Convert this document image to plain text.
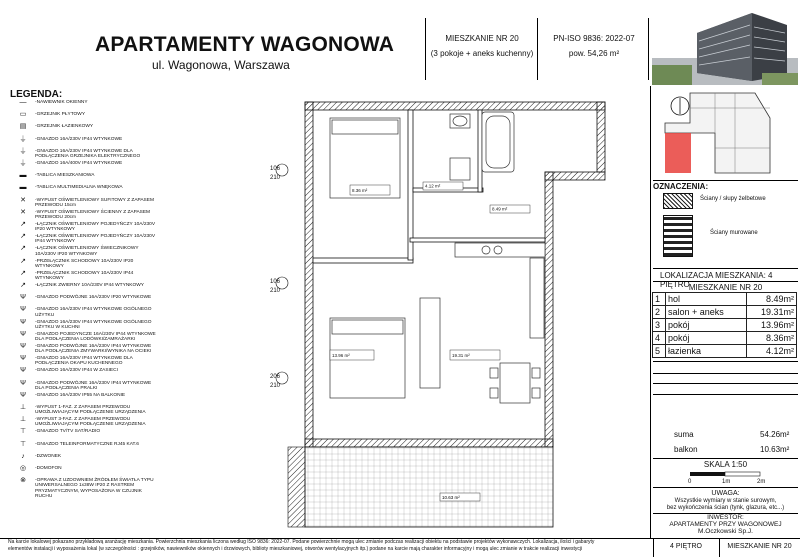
APARTAMENTY WAGONOWA
ul. Wagonowa, Warszawa
MIESZKANIE NR 20
(3 pokoje + aneks kuchenny)
PN-ISO 9836: 2022-07
pow. 54,26 m²
LEGENDA:
—	-NAWIEWNIK OKIENNY
▭	-GRZEJNIK PŁYTOWY
▤	-GRZEJNIK ŁAZIENKOWY
⏚	-GNIAZDO 16A/230V IP44 WTYNKOWE
⏚	-GNIAZDO 16A/230V IP44 WTYNKOWE DLA PODŁĄCZENIA GRZEJNIKA ELEKTRYCZNEGO
⏚	-GNIAZDO 16A/400V IP44 WTYNKOWE
▬	-TABLICA MIESZKANIOWA
▬	-TABLICA MULTIMEDIALNA WNĘKOWA
✕	-WYPUST OŚWIETLENIOWY SUFITOWY Z ZAPASEM PRZEWODU 15cm
✕	-WYPUST OŚWIETLENIOWY ŚCIENNY Z ZAPASEM PRZEWODU 20cm
↗	-ŁĄCZNIK OŚWIETLENIOWY POJEDYŃCZY 10A/230V IP20 WTYNKOWY
↗	-ŁĄCZNIK OŚWIETLENIOWY POJEDYŃCZY 10A/230V IP44 WTYNKOWY
↗	-ŁĄCZNIK OŚWIETLENIOWY ŚWIECZNIKOWY 10A/230V IP20 WTYNKOWY
↗	-PRZEŁĄCZNIK SCHODOWY 10A/230V IP20 WTYNKOWY
↗	-PRZEŁĄCZNIK SCHODOWY 10A/230V IP44 WTYNKOWY
↗	-ŁĄCZNIK ZWIERNY 10A/230V IP44 WTYNKOWY
Ψ	-GNIAZDO PODWÓJNE 16A/230V IP20 WTYNKOWE
Ψ	-GNIAZDO 16A/230V IP44 WTYNKOWE OGÓLNEGO UŻYTKU
Ψ	-GNIAZDO 16A/230V IP44 WTYNKOWE OGÓLNEGO UŻYTKU W KUCHNI
Ψ	-GNIAZDO POJEDYNCZE 16A/230V IP44 WTYNKOWE DLA PODŁĄCZENIA LODÓWKI/ZAMRAŻARKI
Ψ	-GNIAZDO PODWÓJNE 16A/230V IP44 WTYNKOWE DLA PODŁĄCZENIA ZMYWARKI/WYNIKA NA OCIEKI
Ψ	-GNIAZDO 16A/230V IP44 WTYNKOWE DLA PODŁĄCZENIA OKAPU KUCHENNEGO
Ψ	-GNIAZDO 16A/230V IP44 W ZASIECI
Ψ	-GNIAZDO PODWÓJNE 16A/230V IP44 WTYNKOWE DLA PODŁĄCZENIA PRALKI
Ψ	-GNIAZDO 16A/230V IP55 NA BALKONIE
⊥	-WYPUST 1-FAZ. Z ZAPASEM PRZEWODU UMOŻLIWIAJĄCYM PODŁĄCZENIE URZĄDZENIA
⊥	-WYPUST 3-FAZ. Z ZAPASEM PRZEWODU UMOŻLIWIAJĄCYM PODŁĄCZENIE URZĄDZENIA
⊤	-GNIAZDO TV/TV SAT/RADIO
⊤	-GNIAZDO TELEINFORMATYCZNE RJ45 KAT.6
♪	-DZWONEK
◎	-DOMOFON
⊗	-OPRAWA Z UZDOWNIEM ŻRÓDŁEM ŚWIATŁA TYPU UNIWERSALNEGO 1x38W IP20 Z RASTREM PRYZMATYCZNYM, WYPOSAŻONA W CZUJNIK RUCHU
4.12 m²
8.49 m²
8.36 m²
13.96 m²	19.31 m²
10.63 m²
106
210
106
210
206
210
OZNACZENIA:
Ściany / słupy żelbetowe
Ściany murowane
LOKALIZACJA MIESZKANIA: 4 PIĘTRO MIESZKANIE NR 20
1	hol	8.49m²
2	salon + aneks	19.31m²
3	pokój	13.96m²
4	pokój	8.36m²
5	łazienka	4.12m²
suma	54.26m²
balkon	10.63m²
SKALA 1:50
0	1m	2m
UWAGA:
Wszystkie wymiary w stanie surowym,
bez wykończenia ścian (tynk, glazura, etc...)
INWESTOR:
APARTAMENTY PRZY WAGONOWEJ
M.Oczkowski Sp.J.
Na karcie lokalowej pokazano przykładową aranżację mieszkania. Powierzchnia mieszkania liczona według ISO 9836: 2022-07. Podane powierzchnie mogą ulec zmianie podczas realizacji obiektu na podstawie projektów wykonawczych. Lokalizacja, ilości i gabaryty
elementów instalacji i wyposażenia lokal (w szczególności : grzejników, nawiewników okiennych i drzwiowych, biblioty mieszkaniowej, otworów wentylacyjnych itp.) podane na karcie mają charakter informacyjny i mogą ulec zmianie w trakcie realizacji inwestycji	4 PIĘTRO	MIESZKANIE NR 20
